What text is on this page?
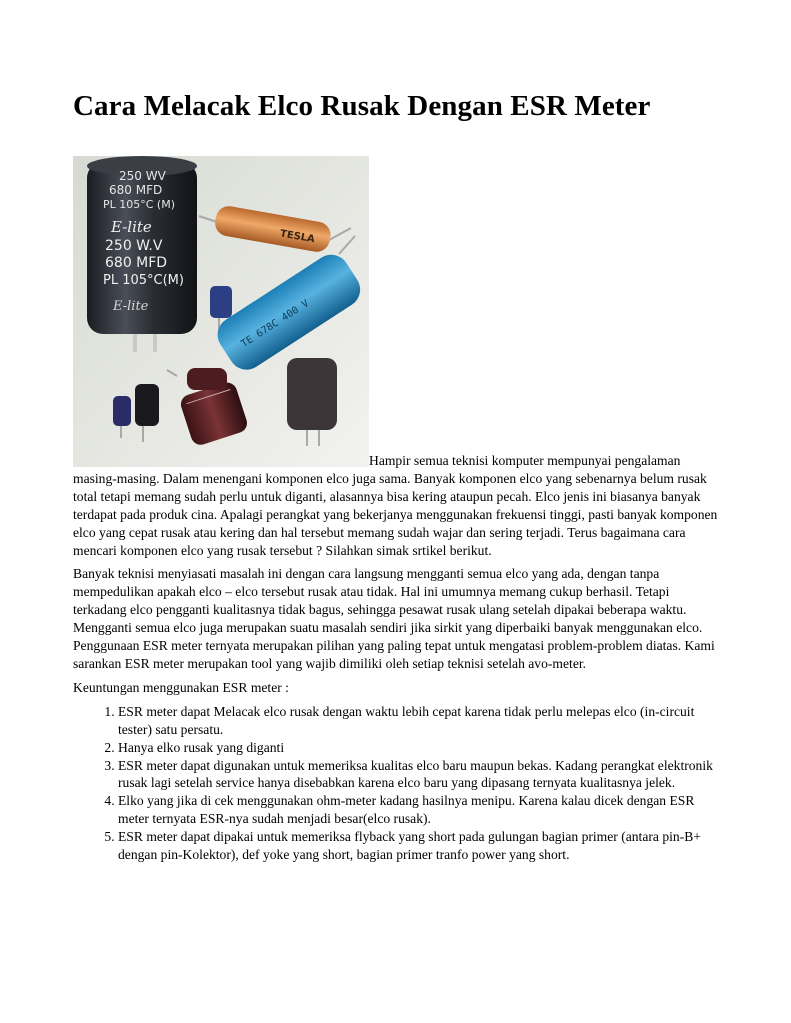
Cara Melacak Elco Rusak Dengan ESR Meter
250 WV
680 MFD
PL 105°C (M)
E-lite
250 W.V
680 MFD
PL 105°C(M)
E-lite
TESLA
TE 678C 400 V

Hampir semua teknisi komputer mempunyai pengalaman masing-masing. Dalam menengani komponen elco juga sama. Banyak komponen elco yang sebenarnya belum rusak total tetapi memang sudah perlu untuk diganti, alasannya bisa kering ataupun pecah. Elco jenis ini biasanya banyak terdapat pada produk cina. Apalagi perangkat yang bekerjanya menggunakan frekuensi tinggi, pasti banyak komponen elco yang cepat rusak atau kering dan hal tersebut memang sudah wajar dan sering terjadi. Terus bagaimana cara mencari komponen elco yang rusak tersebut ? Silahkan simak srtikel berikut.

Banyak teknisi menyiasati masalah ini dengan cara langsung mengganti semua elco yang ada, dengan tanpa mempedulikan apakah elco – elco tersebut rusak atau tidak. Hal ini umumnya memang cukup berhasil. Tetapi terkadang elco pengganti kualitasnya tidak bagus, sehingga pesawat rusak ulang setelah dipakai beberapa waktu. Mengganti semua elco juga merupakan suatu masalah sendiri jika sirkit yang diperbaiki banyak menggunakan elco. Penggunaan ESR meter ternyata merupakan pilihan yang paling tepat untuk mengatasi problem-problem diatas. Kami sarankan ESR meter merupakan tool yang wajib dimiliki oleh setiap teknisi setelah avo-meter.

Keuntungan menggunakan ESR meter :

1. ESR meter dapat Melacak elco rusak dengan waktu lebih cepat karena tidak perlu melepas elco (in-circuit tester) satu persatu.
2. Hanya elko rusak yang diganti
3. ESR meter dapat digunakan untuk memeriksa kualitas elco baru maupun bekas. Kadang perangkat elektronik rusak lagi setelah service hanya disebabkan karena elco baru yang dipasang ternyata kualitasnya jelek.
4. Elko yang jika di cek menggunakan ohm-meter kadang hasilnya menipu. Karena kalau dicek dengan ESR meter ternyata ESR-nya sudah menjadi besar(elco rusak).
5. ESR meter dapat dipakai untuk memeriksa flyback yang short pada gulungan bagian primer (antara pin-B+ dengan pin-Kolektor), def yoke yang short, bagian primer tranfo power yang short.
